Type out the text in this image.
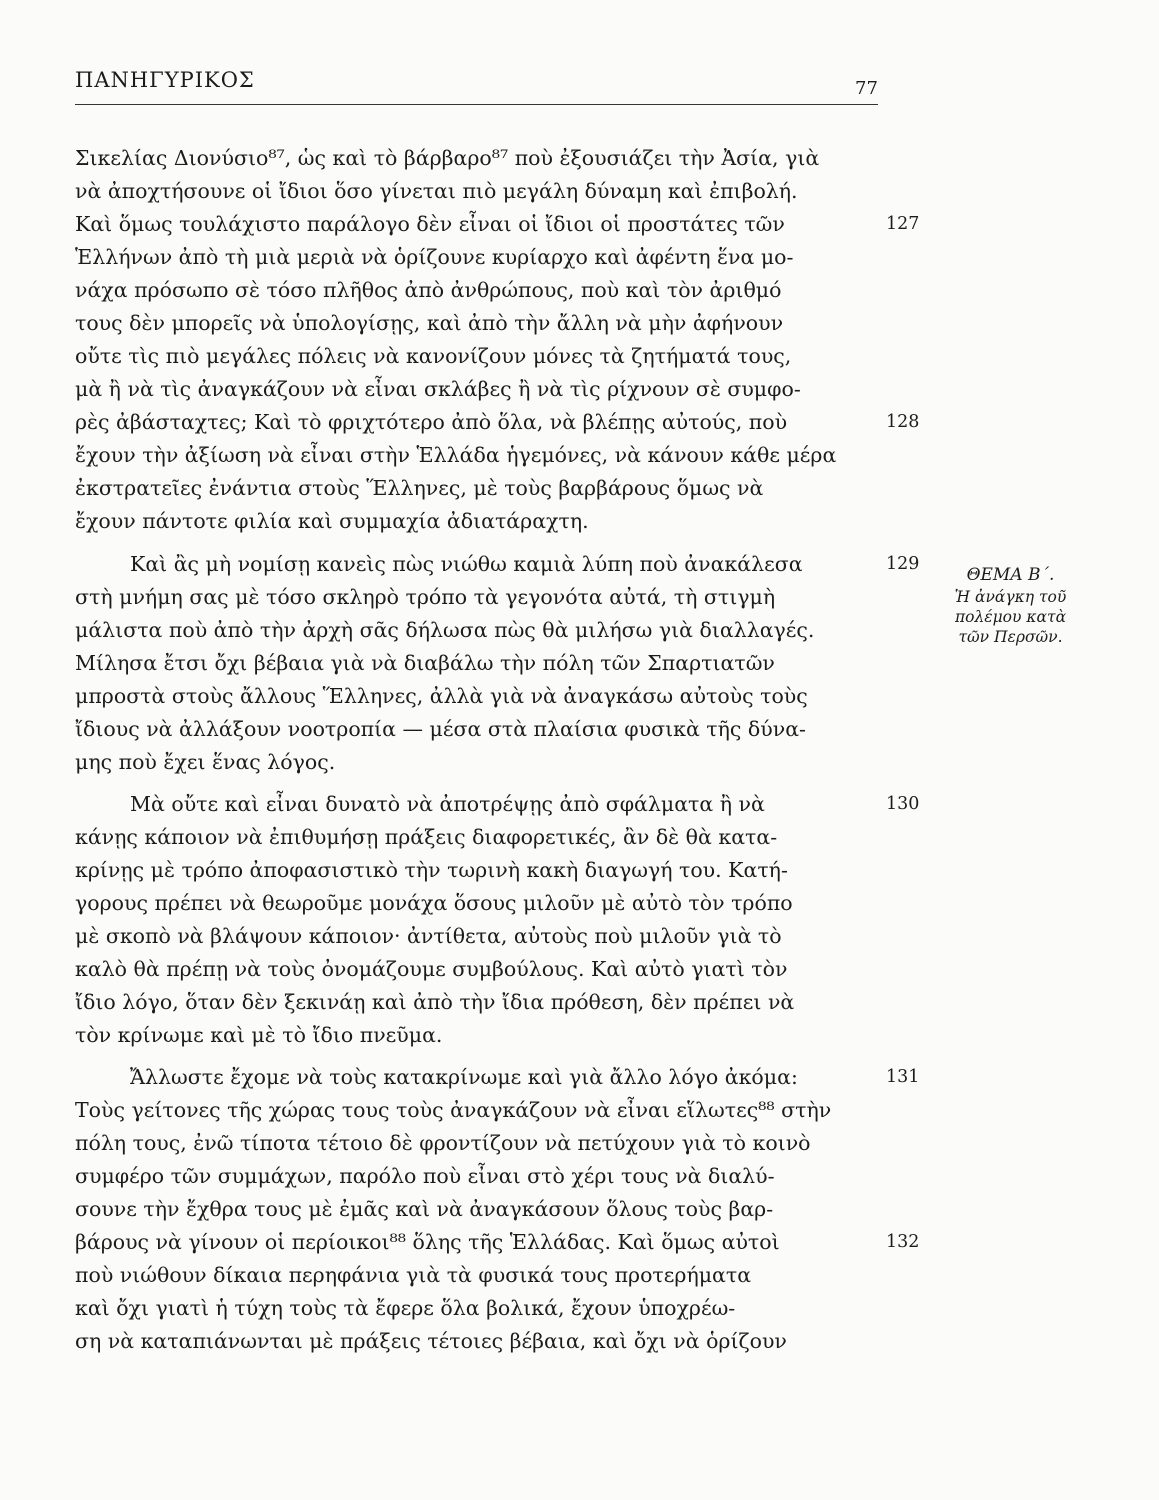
ΠΑΝΗΓΥΡΙΚΟΣ	77
Σικελίας Διονύσιο⁸⁷, ὡς καὶ τὸ βάρβαρο⁸⁷ ποὺ ἐξουσιάζει τὴν Ἀσία, γιὰ
νὰ ἀποχτήσουνε οἱ ἴδιοι ὅσο γίνεται πιὸ μεγάλη δύναμη καὶ ἐπιβολή.
Καὶ ὅμως τουλάχιστο παράλογο δὲν εἶναι οἱ ἴδιοι οἱ προστάτες τῶν
Ἑλλήνων ἀπὸ τὴ μιὰ μεριὰ νὰ ὁρίζουνε κυρίαρχο καὶ ἀφέντη ἕνα μο-
νάχα πρόσωπο σὲ τόσο πλῆθος ἀπὸ ἀνθρώπους, ποὺ καὶ τὸν ἀριθμό
τους δὲν μπορεῖς νὰ ὑπολογίσῃς, καὶ ἀπὸ τὴν ἄλλη νὰ μὴν ἀφήνουν
οὔτε τὶς πιὸ μεγάλες πόλεις νὰ κανονίζουν μόνες τὰ ζητήματά τους,
μὰ ἢ νὰ τὶς ἀναγκάζουν νὰ εἶναι σκλάβες ἢ νὰ τὶς ρίχνουν σὲ συμφο-
ρὲς ἀβάσταχτες; Καὶ τὸ φριχτότερο ἀπὸ ὅλα, νὰ βλέπῃς αὐτούς, ποὺ
ἔχουν τὴν ἀξίωση νὰ εἶναι στὴν Ἑλλάδα ἡγεμόνες, νὰ κάνουν κάθε μέρα
ἐκστρατεῖες ἐνάντια στοὺς Ἕλληνες, μὲ τοὺς βαρβάρους ὅμως νὰ
ἔχουν πάντοτε φιλία καὶ συμμαχία ἀδιατάραχτη.
Καὶ ἂς μὴ νομίσῃ κανεὶς πὼς νιώθω καμιὰ λύπη ποὺ ἀνακάλεσα
στὴ μνήμη σας μὲ τόσο σκληρὸ τρόπο τὰ γεγονότα αὐτά, τὴ στιγμὴ
μάλιστα ποὺ ἀπὸ τὴν ἀρχὴ σᾶς δήλωσα πὼς θὰ μιλήσω γιὰ διαλλαγές.
Μίλησα ἔτσι ὄχι βέβαια γιὰ νὰ διαβάλω τὴν πόλη τῶν Σπαρτιατῶν
μπροστὰ στοὺς ἄλλους Ἕλληνες, ἀλλὰ γιὰ νὰ ἀναγκάσω αὐτοὺς τοὺς
ἴδιους νὰ ἀλλάξουν νοοτροπία — μέσα στὰ πλαίσια φυσικὰ τῆς δύνα-
μης ποὺ ἔχει ἕνας λόγος.
Μὰ οὔτε καὶ εἶναι δυνατὸ νὰ ἀποτρέψῃς ἀπὸ σφάλματα ἢ νὰ
κάνῃς κάποιον νὰ ἐπιθυμήσῃ πράξεις διαφορετικές, ἂν δὲ θὰ κατα-
κρίνῃς μὲ τρόπο ἀποφασιστικὸ τὴν τωρινὴ κακὴ διαγωγή του. Κατή-
γορους πρέπει νὰ θεωροῦμε μονάχα ὅσους μιλοῦν μὲ αὐτὸ τὸν τρόπο
μὲ σκοπὸ νὰ βλάψουν κάποιον· ἀντίθετα, αὐτοὺς ποὺ μιλοῦν γιὰ τὸ
καλὸ θὰ πρέπῃ νὰ τοὺς ὀνομάζουμε συμβούλους. Καὶ αὐτὸ γιατὶ τὸν
ἴδιο λόγο, ὅταν δὲν ξεκινάῃ καὶ ἀπὸ τὴν ἴδια πρόθεση, δὲν πρέπει νὰ
τὸν κρίνωμε καὶ μὲ τὸ ἴδιο πνεῦμα.
Ἄλλωστε ἔχομε νὰ τοὺς κατακρίνωμε καὶ γιὰ ἄλλο λόγο ἀκόμα:
Τοὺς γείτονες τῆς χώρας τους τοὺς ἀναγκάζουν νὰ εἶναι εἵλωτες⁸⁸ στὴν
πόλη τους, ἐνῶ τίποτα τέτοιο δὲ φροντίζουν νὰ πετύχουν γιὰ τὸ κοινὸ
συμφέρο τῶν συμμάχων, παρόλο ποὺ εἶναι στὸ χέρι τους νὰ διαλύ-
σουνε τὴν ἔχθρα τους μὲ ἐμᾶς καὶ νὰ ἀναγκάσουν ὅλους τοὺς βαρ-
βάρους νὰ γίνουν οἱ περίοικοι⁸⁸ ὅλης τῆς Ἑλλάδας. Καὶ ὅμως αὐτοὶ
ποὺ νιώθουν δίκαια περηφάνια γιὰ τὰ φυσικά τους προτερήματα
καὶ ὄχι γιατὶ ἡ τύχη τοὺς τὰ ἔφερε ὅλα βολικά, ἔχουν ὑποχρέω-
ση νὰ καταπιάνωνται μὲ πράξεις τέτοιες βέβαια, καὶ ὄχι νὰ ὁρίζουν
127
128
129
130
131
132
ΘΕΜΑ Β΄.
Ἡ ἀνάγκη τοῦ
πολέμου κατὰ
τῶν Περσῶν.
